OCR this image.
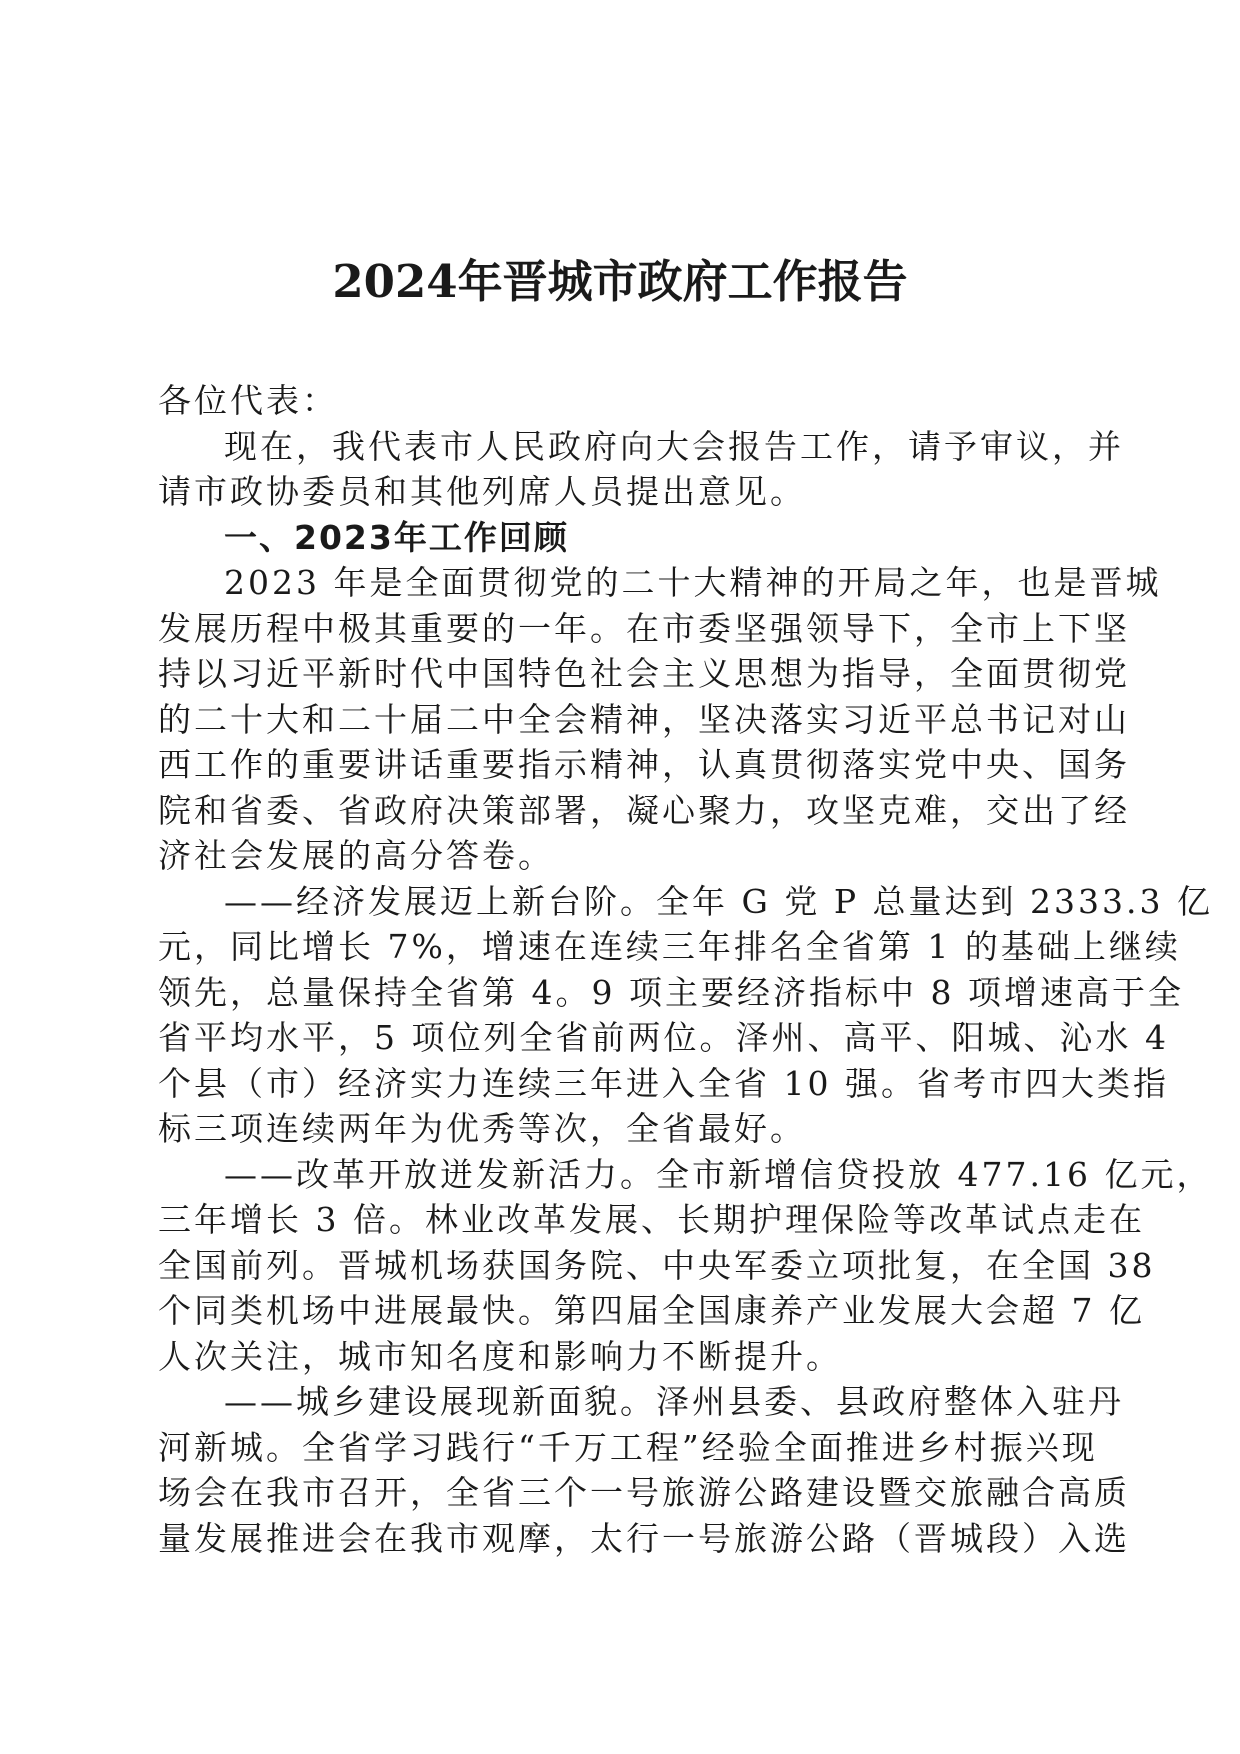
2024年晋城市政府工作报告
各位代表：
现在，我代表市人民政府向大会报告工作，请予审议，并
请市政协委员和其他列席人员提出意见。
一、2023年工作回顾
2023 年是全面贯彻党的二十大精神的开局之年，也是晋城
发展历程中极其重要的一年。在市委坚强领导下，全市上下坚
持以习近平新时代中国特色社会主义思想为指导，全面贯彻党
的二十大和二十届二中全会精神，坚决落实习近平总书记对山
西工作的重要讲话重要指示精神，认真贯彻落实党中央、国务
院和省委、省政府决策部署，凝心聚力，攻坚克难，交出了经
济社会发展的高分答卷。
——经济发展迈上新台阶。全年 G 党 P 总量达到 2333.3 亿
元，同比增长 7%，增速在连续三年排名全省第 1 的基础上继续
领先，总量保持全省第 4。9 项主要经济指标中 8 项增速高于全
省平均水平，5 项位列全省前两位。泽州、高平、阳城、沁水 4
个县（市）经济实力连续三年进入全省 10 强。省考市四大类指
标三项连续两年为优秀等次，全省最好。
——改革开放迸发新活力。全市新增信贷投放 477.16 亿元，
三年增长 3 倍。林业改革发展、长期护理保险等改革试点走在
全国前列。晋城机场获国务院、中央军委立项批复，在全国 38
个同类机场中进展最快。第四届全国康养产业发展大会超 7 亿
人次关注，城市知名度和影响力不断提升。
——城乡建设展现新面貌。泽州县委、县政府整体入驻丹
河新城。全省学习践行“千万工程”经验全面推进乡村振兴现
场会在我市召开，全省三个一号旅游公路建设暨交旅融合高质
量发展推进会在我市观摩，太行一号旅游公路（晋城段）入选
